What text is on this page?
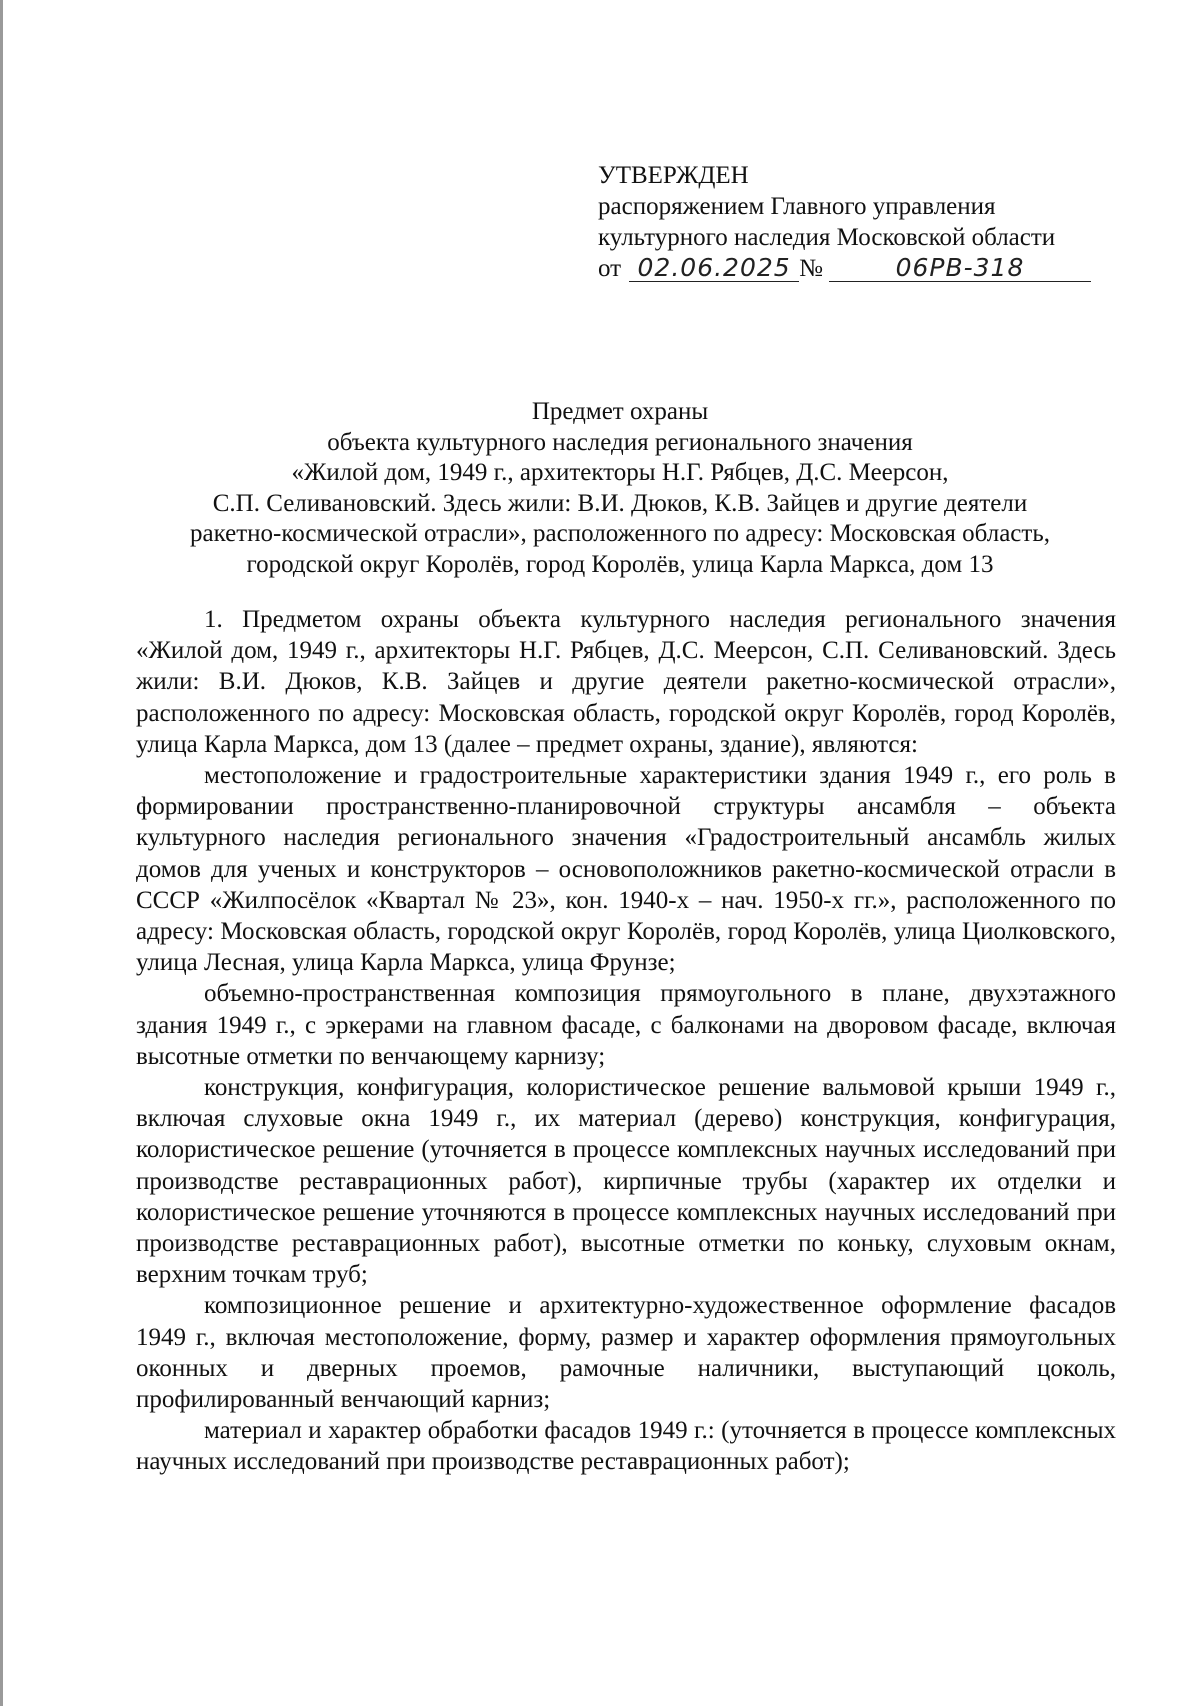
УТВЕРЖДЕН
распоряжением Главного управления
культурного наследия Московской области
от 02.06.2025 №	06РВ-318
Предмет охраны
объекта культурного наследия регионального значения
«Жилой дом, 1949 г., архитекторы Н.Г. Рябцев, Д.С. Меерсон,
С.П. Селивановский. Здесь жили: В.И. Дюков, К.В. Зайцев и другие деятели
ракетно-космической отрасли», расположенного по адресу: Московская область,
городской округ Королёв, город Королёв, улица Карла Маркса, дом 13

1. Предметом охраны объекта культурного наследия регионального значения «Жилой дом, 1949 г., архитекторы Н.Г. Рябцев, Д.С. Меерсон, С.П. Селивановский. Здесь жили: В.И. Дюков, К.В. Зайцев и другие деятели ракетно-космической отрасли», расположенного по адресу: Московская область, городской округ Королёв, город Королёв, улица Карла Маркса, дом 13 (далее – предмет охраны, здание), являются:

местоположение и градостроительные характеристики здания 1949 г., его роль в формировании пространственно-планировочной структуры ансамбля – объекта культурного наследия регионального значения «Градостроительный ансамбль жилых домов для ученых и конструкторов – основоположников ракетно-космической отрасли в СССР «Жилпосёлок «Квартал № 23», кон. 1940-х – нач. 1950-х гг.», расположенного по адресу: Московская область, городской округ Королёв, город Королёв, улица Циолковского, улица Лесная, улица Карла Маркса, улица Фрунзе;

объемно-пространственная композиция прямоугольного в плане, двухэтажного здания 1949 г., с эркерами на главном фасаде, с балконами на дворовом фасаде, включая высотные отметки по венчающему карнизу;

конструкция, конфигурация, колористическое решение вальмовой крыши 1949 г., включая слуховые окна 1949 г., их материал (дерево) конструкция, конфигурация, колористическое решение (уточняется в процессе комплексных научных исследований при производстве реставрационных работ), кирпичные трубы (характер их отделки и колористическое решение уточняются в процессе комплексных научных исследований при производстве реставрационных работ), высотные отметки по коньку, слуховым окнам, верхним точкам труб;

композиционное решение и архитектурно-художественное оформление фасадов 1949 г., включая местоположение, форму, размер и характер оформления прямоугольных оконных и дверных проемов, рамочные наличники, выступающий цоколь, профилированный венчающий карниз;

материал и характер обработки фасадов 1949 г.: (уточняется в процессе комплексных научных исследований при производстве реставрационных работ);
